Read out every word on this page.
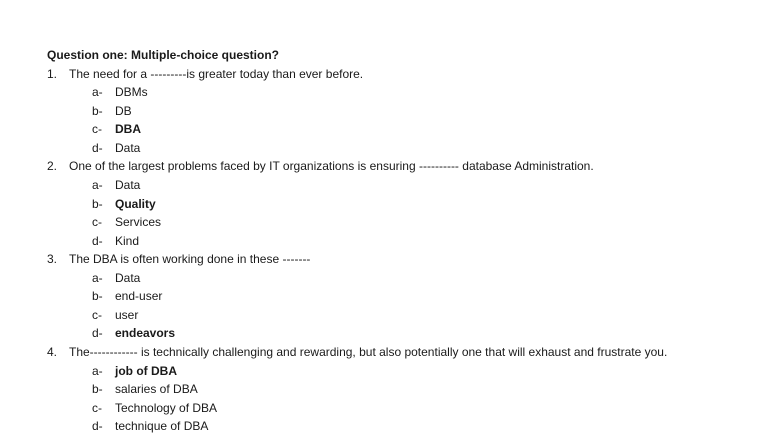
Question one: Multiple-choice question?
1. The need for a ---------is greater today than ever before.
a- DBMs
b- DB
c- DBA
d- Data
2. One of the largest problems faced by IT organizations is ensuring ---------- database Administration.
a- Data
b- Quality
c- Services
d- Kind
3. The DBA is often working done in these -------
a- Data
b- end-user
c- user
d- endeavors
4. The------------ is technically challenging and rewarding, but also potentially one that will exhaust and frustrate you.
a- job of DBA
b- salaries of DBA
c- Technology of DBA
d- technique of DBA
